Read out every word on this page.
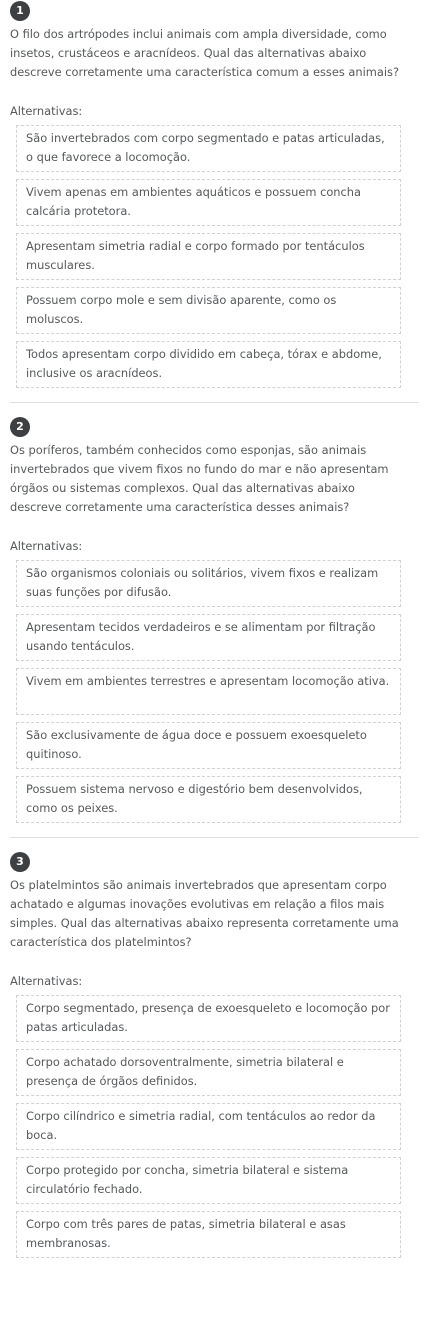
1

O filo dos artrópodes inclui animais com ampla diversidade, como insetos, crustáceos e aracnídeos. Qual das alternativas abaixo descreve corretamente uma característica comum a esses animais?

Alternativas:
São invertebrados com corpo segmentado e patas articuladas, o que favorece a locomoção.
Vivem apenas em ambientes aquáticos e possuem concha calcária protetora.
Apresentam simetria radial e corpo formado por tentáculos musculares.
Possuem corpo mole e sem divisão aparente, como os moluscos.
Todos apresentam corpo dividido em cabeça, tórax e abdome, inclusive os aracnídeos.
2

Os poríferos, também conhecidos como esponjas, são animais invertebrados que vivem fixos no fundo do mar e não apresentam órgãos ou sistemas complexos. Qual das alternativas abaixo descreve corretamente uma característica desses animais?

Alternativas:
São organismos coloniais ou solitários, vivem fixos e realizam suas funções por difusão.
Apresentam tecidos verdadeiros e se alimentam por filtração usando tentáculos.
Vivem em ambientes terrestres e apresentam locomoção ativa.
São exclusivamente de água doce e possuem exoesqueleto quitinoso.
Possuem sistema nervoso e digestório bem desenvolvidos, como os peixes.
3

Os platelmintos são animais invertebrados que apresentam corpo achatado e algumas inovações evolutivas em relação a filos mais simples. Qual das alternativas abaixo representa corretamente uma característica dos platelmintos?

Alternativas:
Corpo segmentado, presença de exoesqueleto e locomoção por patas articuladas.
Corpo achatado dorsoventralmente, simetria bilateral e presença de órgãos definidos.
Corpo cilíndrico e simetria radial, com tentáculos ao redor da boca.
Corpo protegido por concha, simetria bilateral e sistema circulatório fechado.
Corpo com três pares de patas, simetria bilateral e asas membranosas.
